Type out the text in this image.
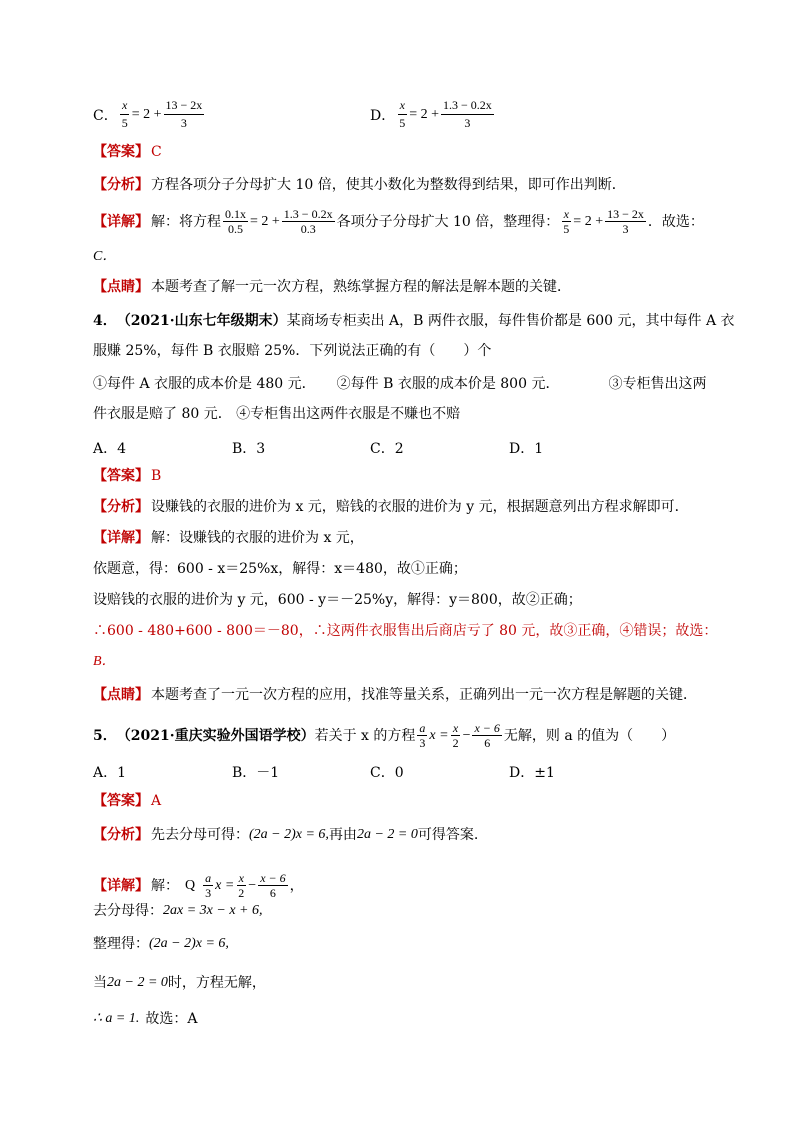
C． $\frac{x}{5} = 2 + \frac{13 - 2x}{3}$	D． $\frac{x}{5} = 2 + \frac{1.3 - 0.2x}{3}$
【答案】 C
【分析】 方程各项分子分母扩大 10 倍，使其小数化为整数得到结果，即可作出判断．
【详解】 解：将方程 $\frac{0.1x}{0.5} = 2 + \frac{1.3 - 0.2x}{0.3}$ 各项分子分母扩大 10 倍，整理得： $\frac{x}{5} = 2 + \frac{13 - 2x}{3}$ ．故选：
C．
【点睛】 本题考查了解一元一次方程，熟练掌握方程的解法是解本题的关键．
4． （2021·山东七年级期末） 某商场专柜卖出 A，B 两件衣服，每件售价都是 600 元，其中每件 A 衣
服赚 25%，每件 B 衣服赔 25%．下列说法正确的有（　　）个
①每件 A 衣服的成本价是 480 元．　　②每件 B 衣服的成本价是 800 元．　　　　③专柜售出这两
件衣服是赔了 80 元． ④专柜售出这两件衣服是不赚也不赔
A．4	B．3	C．2	D．1
【答案】 B
【分析】 设赚钱的衣服的进价为 x 元，赔钱的衣服的进价为 y 元，根据题意列出方程求解即可．
【详解】 解：设赚钱的衣服的进价为 x 元，
依题意，得：600 - x＝25%x，解得：x＝480，故①正确；
设赔钱的衣服的进价为 y 元，600 - y＝－25%y，解得：y＝800，故②正确；
∴600 - 480+600 - 800＝－80，∴这两件衣服售出后商店亏了 80 元，故③正确，④错误；故选：
B．
【点睛】 本题考查了一元一次方程的应用，找准等量关系，正确列出一元一次方程是解题的关键．
5． （2021·重庆实验外国语学校） 若关于 x 的方程 $\frac{a}{3}$ $x = \frac{x}{2} - \frac{x - 6}{6}$ 无解，则 a 的值为（　　）
A．1	B．－1	C．0	D．±1
【答案】 A
【分析】 先去分母可得： (2a − 2)x = 6, 再由 2a − 2 = 0 可得答案.
【详解】 解： Q $\frac{a}{3}$ $x = \frac{x}{2} - \frac{x - 6}{6}$ ，
去分母得： 2ax = 3x − x + 6,
整理得： (2a − 2)x = 6,
当 2a − 2 = 0 时，方程无解，
∴ a = 1. 故选：A
